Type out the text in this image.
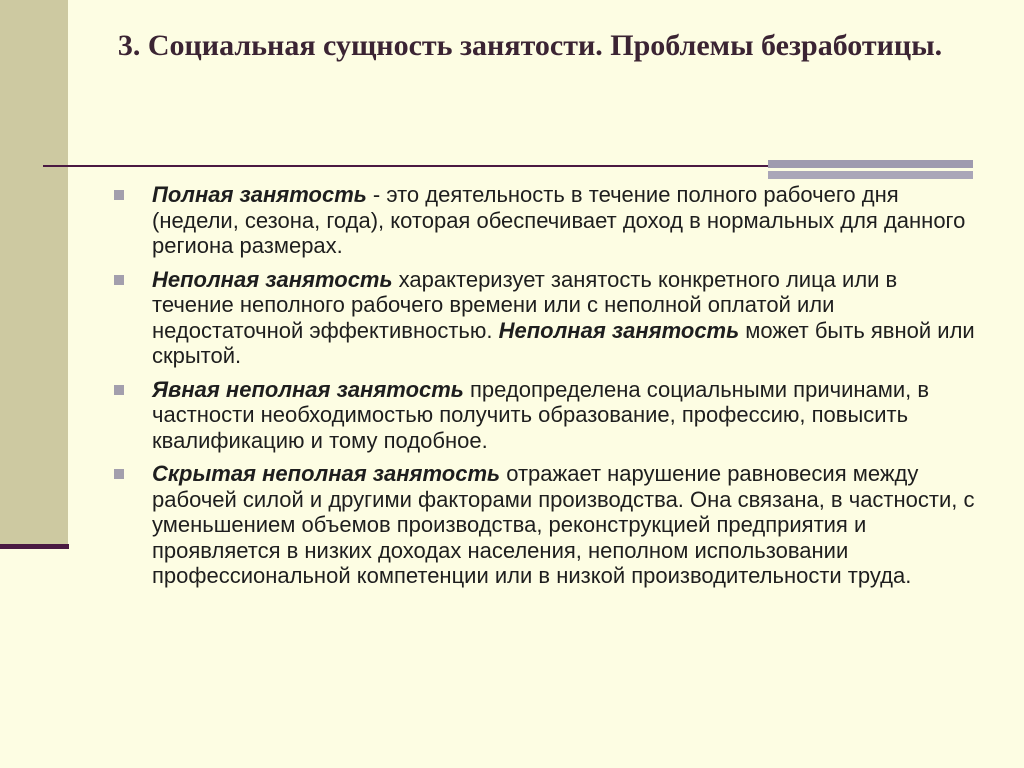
3. Социальная сущность занятости. Проблемы безработицы.
Полная занятость - это деятельность в течение полного рабочего дня (недели, сезона, года), которая обеспечивает доход в нормальных для данного региона размерах.
Неполная занятость характеризует занятость конкретного лица или в течение неполного рабочего времени или с неполной оплатой или недостаточной эффективностью. Неполная занятость может быть явной или скрытой.
Явная неполная занятость предопределена социальными причинами, в частности необходимостью получить образование, профессию, повысить квалификацию и тому подобное.
Скрытая неполная занятость отражает нарушение равновесия между рабочей силой и другими факторами производства. Она связана, в частности, с уменьшением объемов производства, реконструкцией предприятия и проявляется в низких доходах населения, неполном использовании профессиональной компетенции или в низкой производительности труда.
